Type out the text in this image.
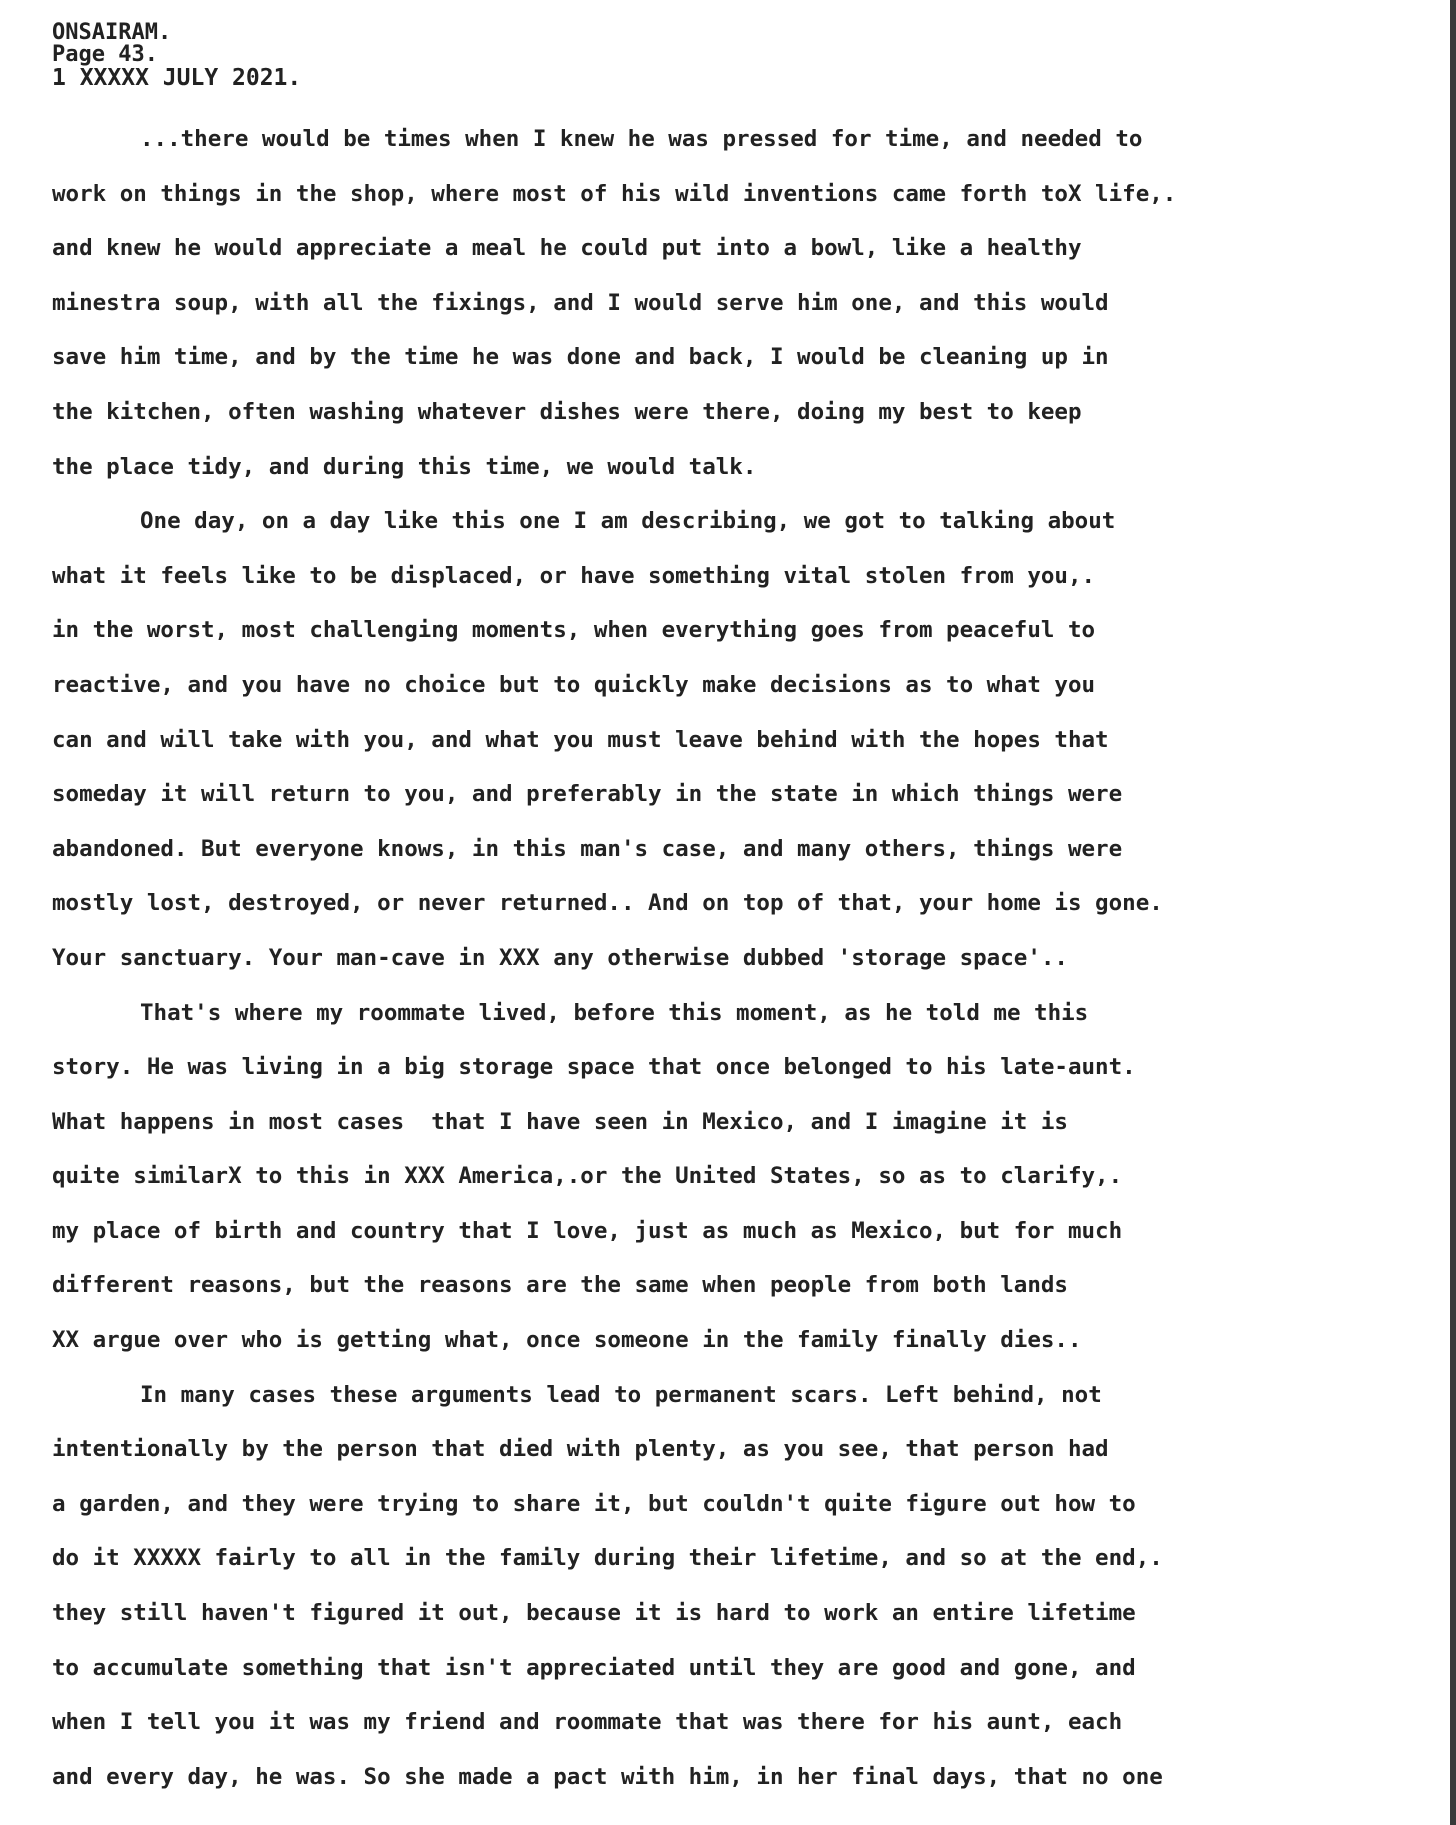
ONSAIRAM.
Page 43.
1 XXXXX JULY 2021.
...there would be times when I knew he was pressed for time, and needed to
work on things in the shop, where most of his wild inventions came forth toX life,.
and knew he would appreciate a meal he could put into a bowl, like a healthy
minestra soup, with all the fixings, and I would serve him one, and this would
save him time, and by the time he was done and back, I would be cleaning up in
the kitchen, often washing whatever dishes were there, doing my best to keep
the place tidy, and during this time, we would talk.
One day, on a day like this one I am describing, we got to talking about
what it feels like to be displaced, or have something vital stolen from you,.
in the worst, most challenging moments, when everything goes from peaceful to
reactive, and you have no choice but to quickly make decisions as to what you
can and will take with you, and what you must leave behind with the hopes that
someday it will return to you, and preferably in the state in which things were
abandoned. But everyone knows, in this man's case, and many others, things were
mostly lost, destroyed, or never returned.. And on top of that, your home is gone.
Your sanctuary. Your man-cave in XXX any otherwise dubbed 'storage space'..
That's where my roommate lived, before this moment, as he told me this
story. He was living in a big storage space that once belonged to his late-aunt.
What happens in most cases  that I have seen in Mexico, and I imagine it is
quite similarX to this in XXX America,.or the United States, so as to clarify,.
my place of birth and country that I love, just as much as Mexico, but for much
different reasons, but the reasons are the same when people from both lands
XX argue over who is getting what, once someone in the family finally dies..
In many cases these arguments lead to permanent scars. Left behind, not
intentionally by the person that died with plenty, as you see, that person had
a garden, and they were trying to share it, but couldn't quite figure out how to
do it XXXXX fairly to all in the family during their lifetime, and so at the end,.
they still haven't figured it out, because it is hard to work an entire lifetime
to accumulate something that isn't appreciated until they are good and gone, and
when I tell you it was my friend and roommate that was there for his aunt, each
and every day, he was. So she made a pact with him, in her final days, that no one
